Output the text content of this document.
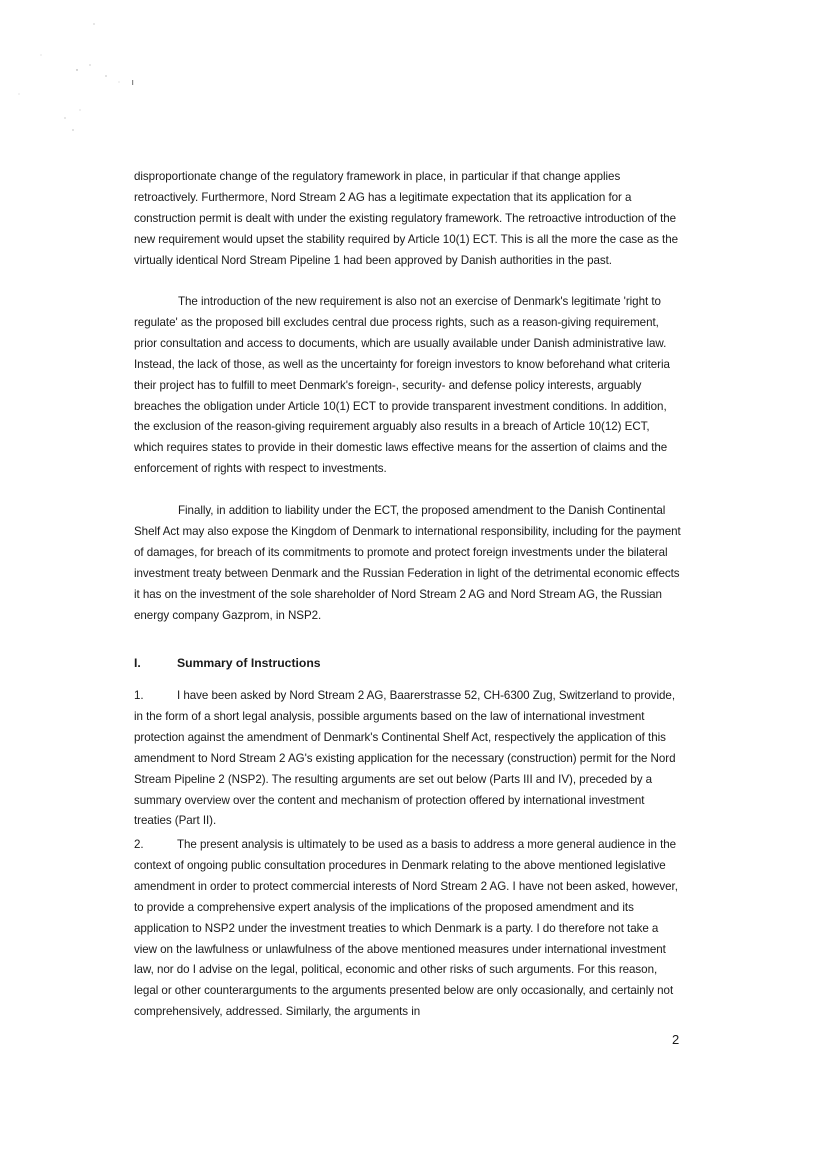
disproportionate change of the regulatory framework in place, in particular if that change applies retroactively. Furthermore, Nord Stream 2 AG has a legitimate expectation that its application for a construction permit is dealt with under the existing regulatory framework. The retroactive introduction of the new requirement would upset the stability required by Article 10(1) ECT. This is all the more the case as the virtually identical Nord Stream Pipeline 1 had been approved by Danish authorities in the past.

The introduction of the new requirement is also not an exercise of Denmark's legitimate 'right to regulate' as the proposed bill excludes central due process rights, such as a reason-giving requirement, prior consultation and access to documents, which are usually available under Danish administrative law. Instead, the lack of those, as well as the uncertainty for foreign investors to know beforehand what criteria their project has to fulfill to meet Denmark's foreign-, security- and defense policy interests, arguably breaches the obligation under Article 10(1) ECT to provide transparent investment conditions. In addition, the exclusion of the reason-giving requirement arguably also results in a breach of Article 10(12) ECT, which requires states to provide in their domestic laws effective means for the assertion of claims and the enforcement of rights with respect to investments.

Finally, in addition to liability under the ECT, the proposed amendment to the Danish Continental Shelf Act may also expose the Kingdom of Denmark to international responsibility, including for the payment of damages, for breach of its commitments to promote and protect foreign investments under the bilateral investment treaty between Denmark and the Russian Federation in light of the detrimental economic effects it has on the investment of the sole shareholder of Nord Stream 2 AG and Nord Stream AG, the Russian energy company Gazprom, in NSP2.

I.	Summary of Instructions

1.	I have been asked by Nord Stream 2 AG, Baarerstrasse 52, CH-6300 Zug, Switzerland to provide, in the form of a short legal analysis, possible arguments based on the law of international investment protection against the amendment of Denmark's Continental Shelf Act, respectively the application of this amendment to Nord Stream 2 AG's existing application for the necessary (construction) permit for the Nord Stream Pipeline 2 (NSP2). The resulting arguments are set out below (Parts III and IV), preceded by a summary overview over the content and mechanism of protection offered by international investment treaties (Part II).

2.	The present analysis is ultimately to be used as a basis to address a more general audience in the context of ongoing public consultation procedures in Denmark relating to the above mentioned legislative amendment in order to protect commercial interests of Nord Stream 2 AG. I have not been asked, however, to provide a comprehensive expert analysis of the implications of the proposed amendment and its application to NSP2 under the investment treaties to which Denmark is a party. I do therefore not take a view on the lawfulness or unlawfulness of the above mentioned measures under international investment law, nor do I advise on the legal, political, economic and other risks of such arguments. For this reason, legal or other counterarguments to the arguments presented below are only occasionally, and certainly not comprehensively, addressed. Similarly, the arguments in

2
